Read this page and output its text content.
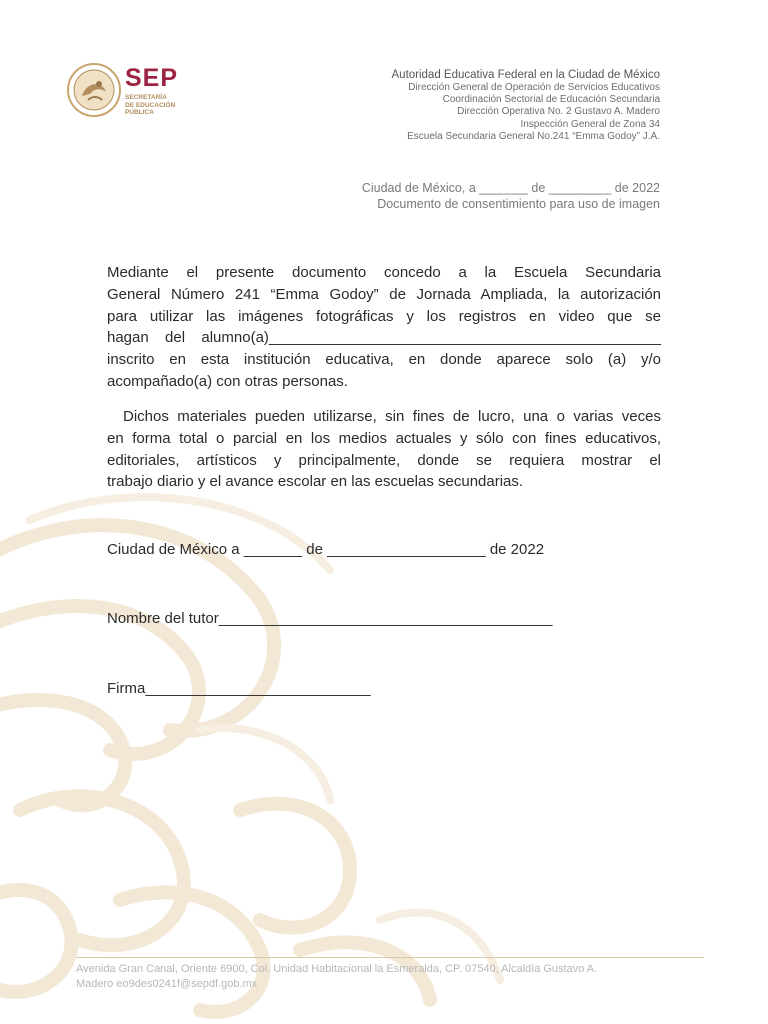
SEP
SECRETARÍA
DE EDUCACIÓN
PÚBLICA
Autoridad Educativa Federal en la Ciudad de México
Dirección General de Operación de Servicios Educativos
Coordinación Sectorial de Educación Secundaria
Dirección Operativa No. 2 Gustavo A. Madero
Inspección General de Zona 34
Escuela Secundaria General No.241 “Emma Godoy” J.A.
Ciudad de México, a _______ de _________ de 2022
Documento de consentimiento para uso de imagen
Mediante el presente documento concedo a la Escuela Secundaria
General Número 241 “Emma Godoy” de Jornada Ampliada, la autorización
para utilizar las imágenes fotográficas y los registros en video que se
hagan del alumno(a)_______________________________________________
inscrito en esta institución educativa, en donde aparece solo (a) y/o
acompañado(a) con otras personas.
Dichos materiales pueden utilizarse, sin fines de lucro, una o varias veces
en forma total o parcial en los medios actuales y sólo con fines educativos,
editoriales, artísticos y principalmente, donde se requiera mostrar el
trabajo diario y el avance escolar en las escuelas secundarias.
Ciudad de México a _______ de ___________________ de 2022
Nombre del tutor________________________________________
Firma___________________________
Avenida Gran Canal, Oriente 6900, Col. Unidad Habitacional la Esmeralda, CP. 07540, Alcaldía Gustavo A.
Madero eo9des0241f@sepdf.gob.mx
